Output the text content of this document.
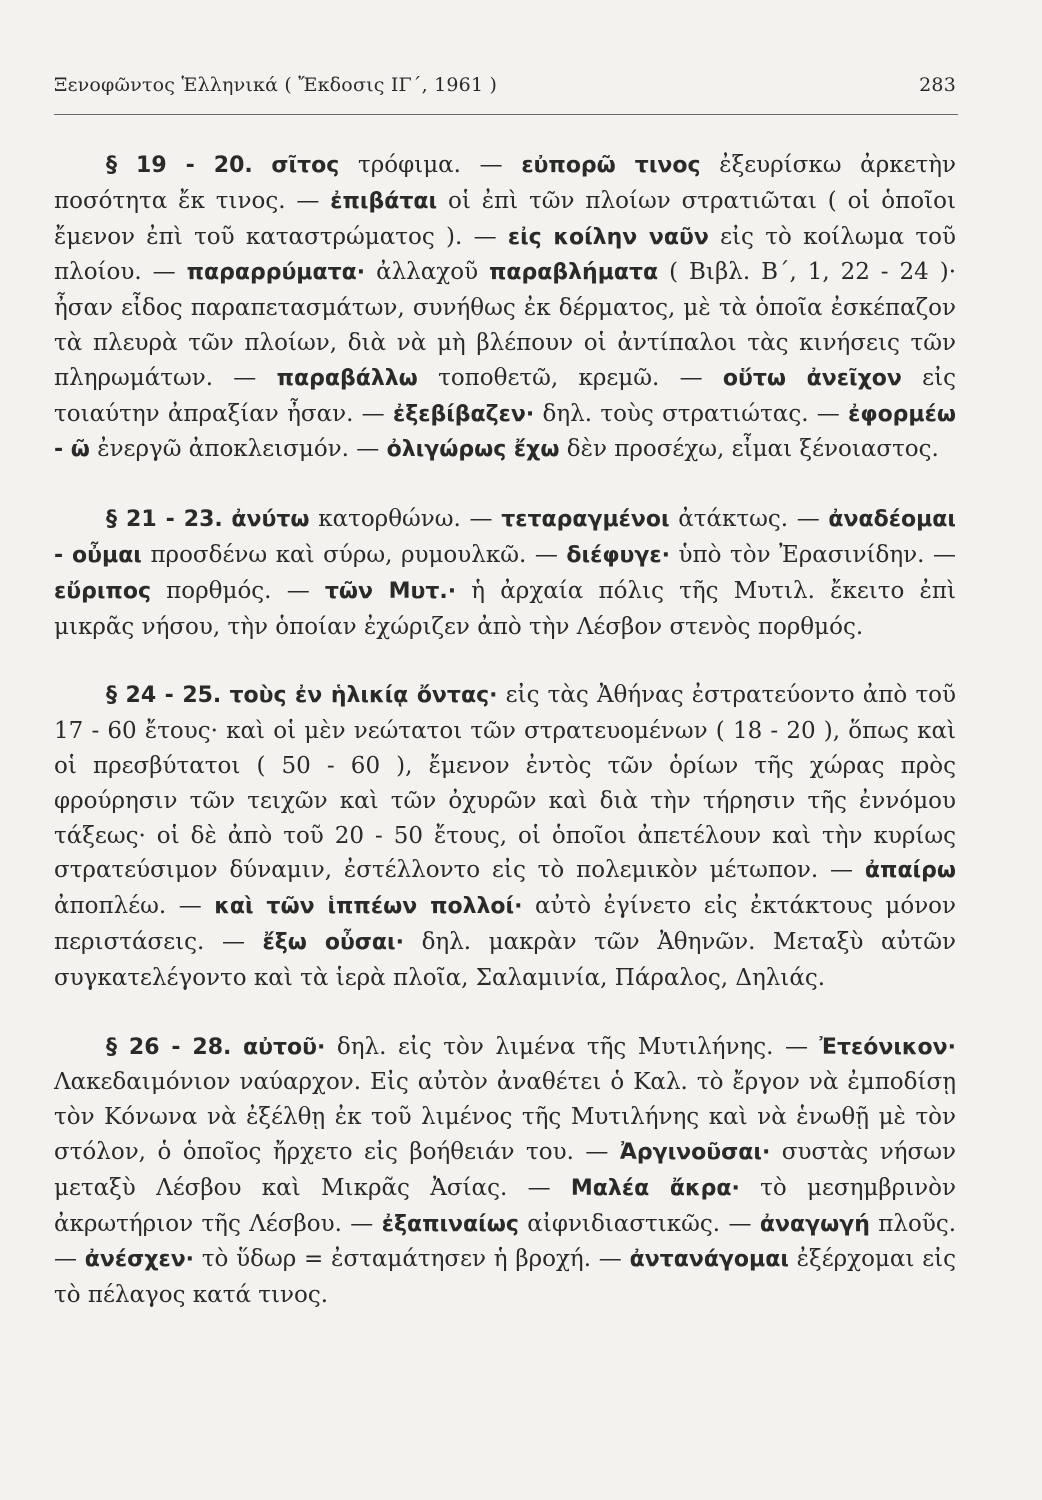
Ξενοφῶντος Ἑλληνικά ( Ἔκδοσις ΙΓ΄, 1961 )	283

§ 19 - 20. σῖτος τρόφιμα. — εὐπορῶ τινος ἐξευρίσκω ἀρκετὴν ποσότητα ἔκ τινος. — ἐπιβάται οἱ ἐπὶ τῶν πλοίων στρατιῶται ( οἱ ὁποῖοι ἔμενον ἐπὶ τοῦ καταστρώματος ). — εἰς κοίλην ναῦν εἰς τὸ κοίλωμα τοῦ πλοίου. — παραρρύματα· ἀλλαχοῦ παραβλήματα ( Βιβλ. Β΄, 1, 22 - 24 )· ἦσαν εἶδος παραπετασμάτων, συνήθως ἐκ δέρματος, μὲ τὰ ὁποῖα ἐσκέπαζον τὰ πλευρὰ τῶν πλοίων, διὰ νὰ μὴ βλέπουν οἱ ἀντίπαλοι τὰς κινήσεις τῶν πληρωμάτων. — παραβάλλω τοποθετῶ, κρεμῶ. — οὕτω ἀνεῖχον εἰς τοιαύτην ἀπραξίαν ἦσαν. — ἐξεβίβαζεν· δηλ. τοὺς στρατιώτας. — ἐφορμέω - ῶ ἐνεργῶ ἀποκλεισμόν. — ὀλιγώρως ἔχω δὲν προσέχω, εἶμαι ξένοιαστος.

§ 21 - 23. ἀνύτω κατορθώνω. — τεταραγμένοι ἀτάκτως. — ἀναδέομαι - οὖμαι προσδένω καὶ σύρω, ρυμουλκῶ. — διέφυγε· ὑπὸ τὸν Ἐρασινίδην. — εὔριπος πορθμός. — τῶν Μυτ.· ἡ ἀρχαία πόλις τῆς Μυτιλ. ἔκειτο ἐπὶ μικρᾶς νήσου, τὴν ὁποίαν ἐχώριζεν ἀπὸ τὴν Λέσβον στενὸς πορθμός.

§ 24 - 25. τοὺς ἐν ἡλικίᾳ ὄντας· εἰς τὰς Ἀθήνας ἐστρατεύοντο ἀπὸ τοῦ 17 - 60 ἔτους· καὶ οἱ μὲν νεώτατοι τῶν στρατευομένων ( 18 - 20 ), ὅπως καὶ οἱ πρεσβύτατοι ( 50 - 60 ), ἔμενον ἐντὸς τῶν ὁρίων τῆς χώρας πρὸς φρούρησιν τῶν τειχῶν καὶ τῶν ὀχυρῶν καὶ διὰ τὴν τήρησιν τῆς ἐννόμου τάξεως· οἱ δὲ ἀπὸ τοῦ 20 - 50 ἔτους, οἱ ὁποῖοι ἀπετέλουν καὶ τὴν κυρίως στρατεύσιμον δύναμιν, ἐστέλλοντο εἰς τὸ πολεμικὸν μέτωπον. — ἀπαίρω ἀποπλέω. — καὶ τῶν ἱππέων πολλοί· αὐτὸ ἐγίνετο εἰς ἐκτάκτους μόνον περιστάσεις. — ἔξω οὖσαι· δηλ. μακρὰν τῶν Ἀθηνῶν. Μεταξὺ αὐτῶν συγκατελέγοντο καὶ τὰ ἱερὰ πλοῖα, Σαλαμινία, Πάραλος, Δηλιάς.

§ 26 - 28. αὐτοῦ· δηλ. εἰς τὸν λιμένα τῆς Μυτιλήνης. — Ἐτεόνικον· Λακεδαιμόνιον ναύαρχον. Εἰς αὐτὸν ἀναθέτει ὁ Καλ. τὸ ἔργον νὰ ἐμποδίσῃ τὸν Κόνωνα νὰ ἐξέλθῃ ἐκ τοῦ λιμένος τῆς Μυτιλήνης καὶ νὰ ἑνωθῇ μὲ τὸν στόλον, ὁ ὁποῖος ἤρχετο εἰς βοήθειάν του. — Ἀργινοῦσαι· συστὰς νήσων μεταξὺ Λέσβου καὶ Μικρᾶς Ἀσίας. — Μαλέα ἄκρα· τὸ μεσημβρινὸν ἀκρωτήριον τῆς Λέσβου. — ἐξαπιναίως αἰφνιδιαστικῶς. — ἀναγωγή πλοῦς. — ἀνέσχεν· τὸ ὕδωρ = ἐσταμάτησεν ἡ βροχή. — ἀντανάγομαι ἐξέρχομαι εἰς τὸ πέλαγος κατά τινος.
